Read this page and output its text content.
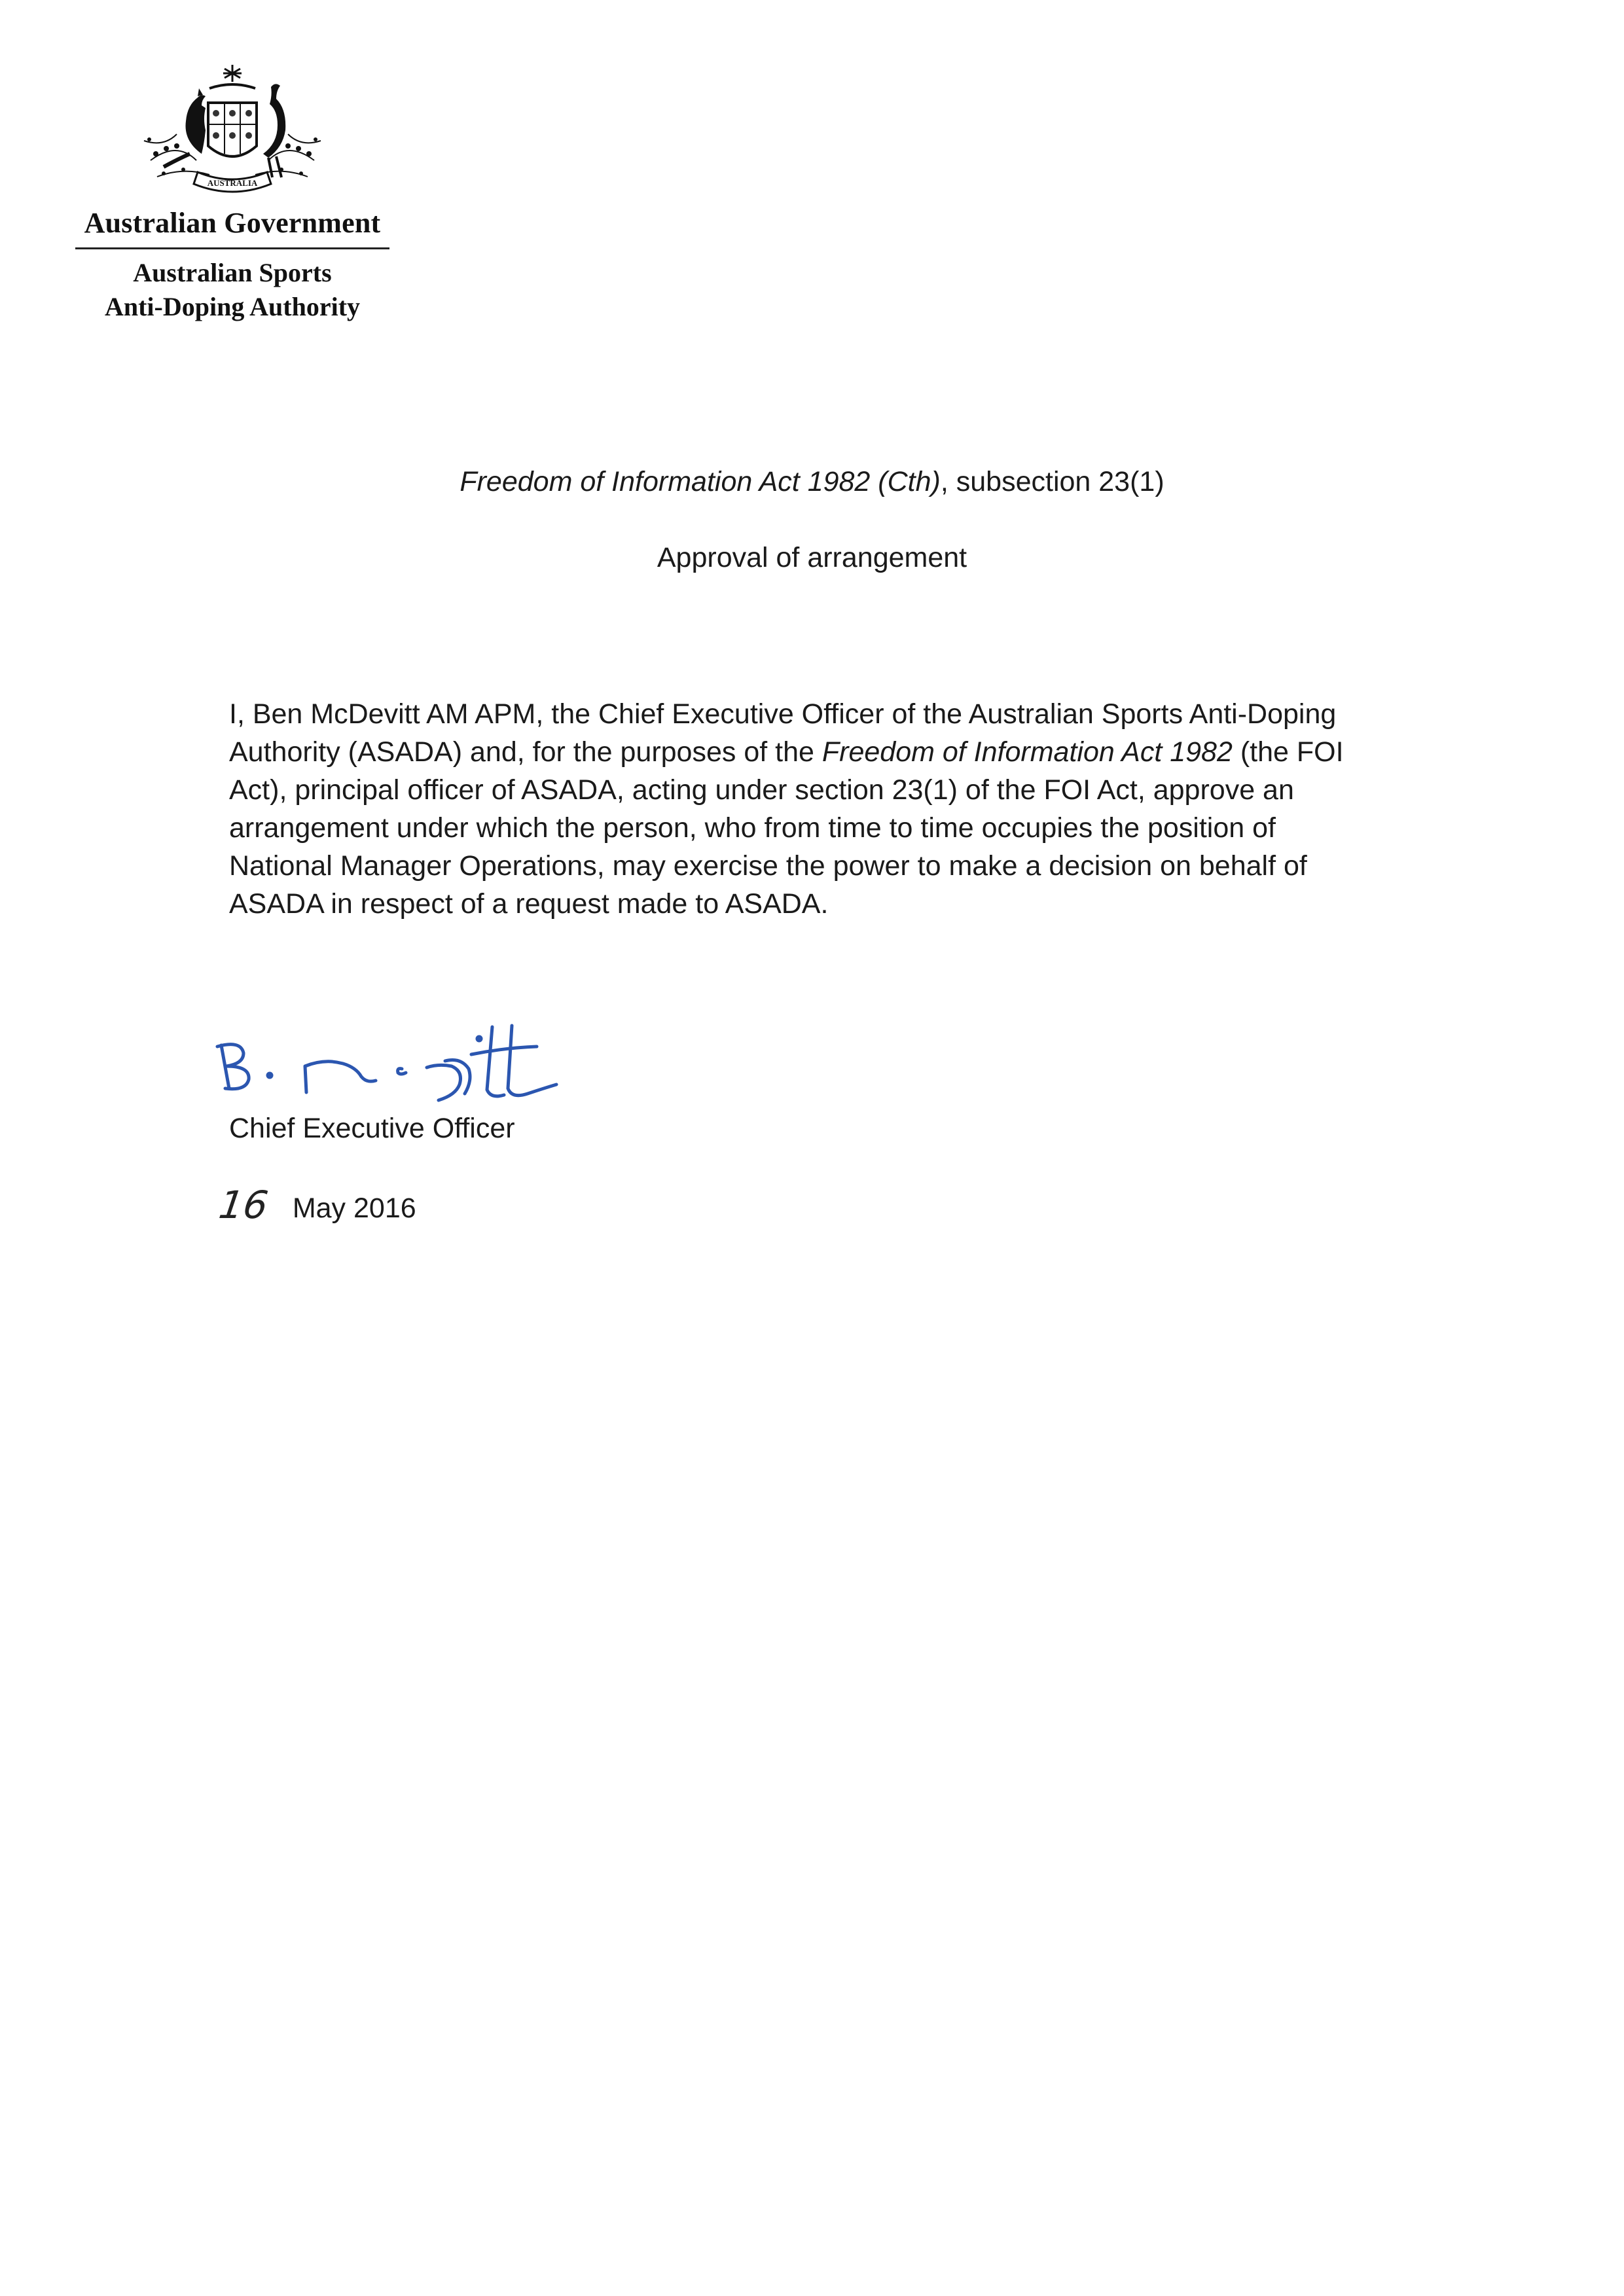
AUSTRALIA
Australian Government
Australian Sports
Anti-Doping Authority
Freedom of Information Act 1982 (Cth), subsection 23(1)
Approval of arrangement
I, Ben McDevitt AM APM, the Chief Executive Officer of the Australian Sports Anti-Doping
Authority (ASADA) and, for the purposes of the Freedom of Information Act 1982 (the FOI
Act), principal officer of ASADA, acting under section 23(1) of the FOI Act, approve an
arrangement under which the person, who from time to time occupies the position of
National Manager Operations, may exercise the power to make a decision on behalf of
ASADA in respect of a request made to ASADA.
Chief Executive Officer
16 May 2016
